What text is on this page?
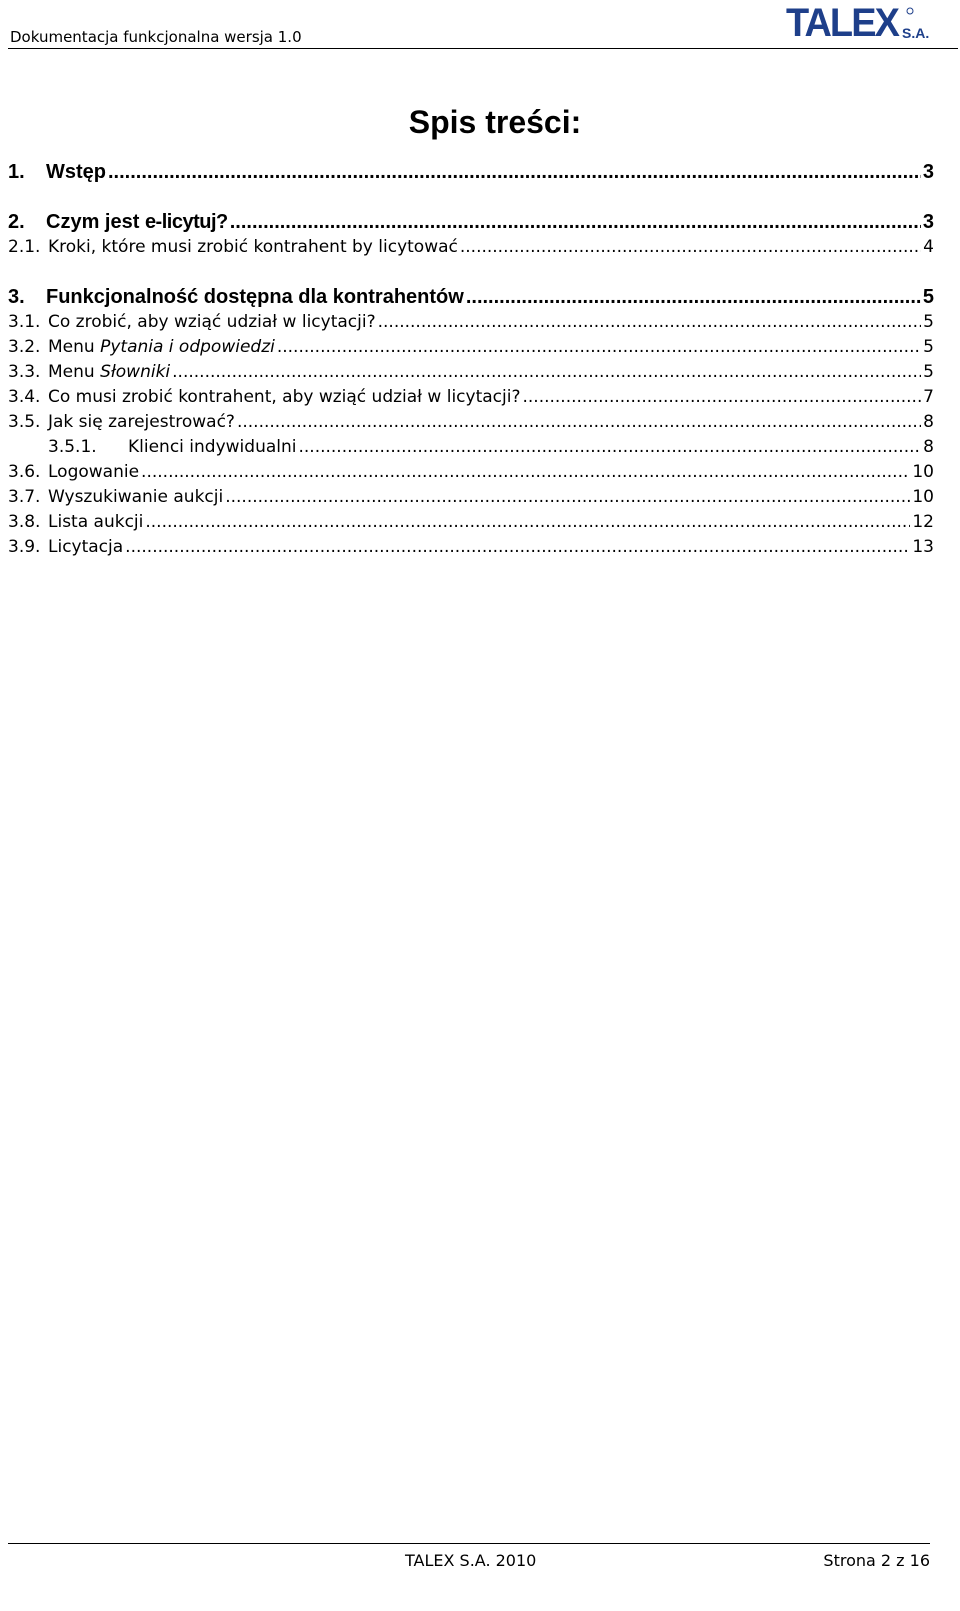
Dokumentacja funkcjonalna wersja 1.0	TALEX S.A.
Spis treści:
1.	Wstęp .....	3
2.	Czym jest e-licytuj? .....	3
2.1. Kroki, które musi zrobić kontrahent by licytować .....	4
3.	Funkcjonalność dostępna dla kontrahentów .....	5
3.1. Co zrobić, aby wziąć udział w licytacji? .....	5
3.2. Menu Pytania i odpowiedzi .....	5
3.3. Menu Słowniki .....	5
3.4. Co musi zrobić kontrahent, aby wziąć udział w licytacji? .....	7
3.5. Jak się zarejestrować? .....	8
3.5.1.	Klienci indywidualni .....	8
3.6. Logowanie .....	10
3.7. Wyszukiwanie aukcji .....	10
3.8. Lista aukcji .....	12
3.9. Licytacja .....	13
TALEX S.A. 2010	Strona 2 z 16
